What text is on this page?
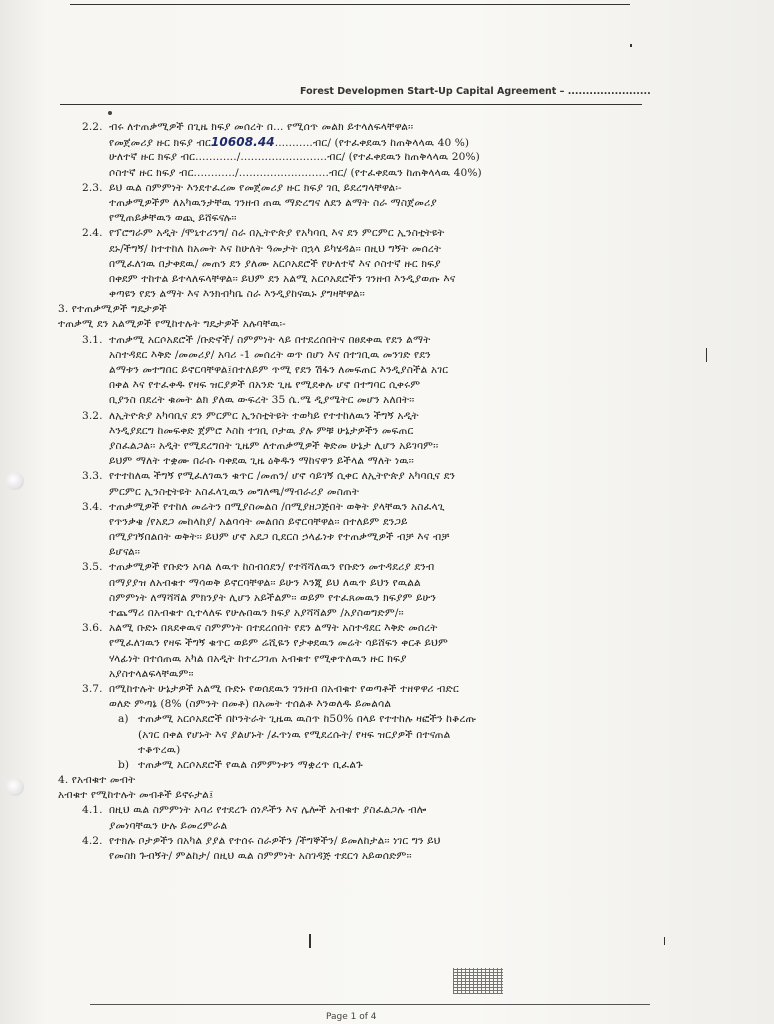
Forest Developmen Start-Up Capital Agreement – .......................
2.2. ብሩ ለተጠቃሚዎች በጊዜ ክፍያ መሰረት በ... የሚሰጥ መልክ ይተላለፍላቸዋል፡፡
የመጀመሪያ ዙር ክፍያ ብር10608.44...........ብር/ (የተፈቀደዉን ከጠቅላላዉ 40 %)
ሁለተኛ ዙር ክፍያ ብር............/.........................ብር/ (የተፈቀደዉን ከጠቅላላዉ 20%)
ሶስተኛ ዙር ክፍያ ብር............/..........................ብር/ (የተፈቀደዉን ከጠቅላላዉ 40%)
2.3. ይህ ዉል ስምምነት እንደተፈረመ የመጀመሪያ ዙር ክፍያ ገቢ ይደረግላቸዋል፡-
ተጠቃሚዎችም ለአካዉንታቸዉ ገንዘብ ጠዉ ማድረግና ለደን ልማት ስራ ማስጀመሪያ
የሚጠይቃቸዉን ወጪ ይሸፍናሉ፡፡
2.4. የፕሮግራም አዲት /ሞኒተሪንግ/ ስራ በኢትዮጵያ የአካባቢ እና ደን ምርምር ኢንስቲትዩት
ደኑ/ችግኝ/ ከተተከለ ከአመት እና ከሁለት ዓመታት በኋላ ይካሄዳል፡፡ በዚህ ግኝት መሰረት
በሚፈለገዉ በታቀደዉ/ መጠን ደን ያለሙ አርሶአደሮች የሁለተኛ እና ሶስተኛ ዙር ክፍያ
በቀደም ተከተል ይተላለፍላቸዋል፡፡ ይህም ደን አልሚ አርሶአደሮችን ገንዘብ እንዲያወጡ እና
ቀጣዩን የደን ልማት እና እንክብካቤ ስራ እንዲያከናዉኑ ያግዛቸዋል፡፡
3. የተጠቃሚዎች ግዴታዎች
ተጠቃሚ ደን አልሚዎች የሚከተሉት ግዴታዎች አሉባቸዉ፡-
3.1. ተጠቃሚ አርሶአደሮች /ቡድኖች/ ስምምነት ላይ በተደረሰበትና በፀደቀዉ የደን ልማት
አስተዳደር እቅድ /መመሪያ/ አባሪ -1 መሰረት ወጥ በሆነ እና በተገቢዉ መንገድ የደን
ልማቱን መተግበር ይኖርባቸዋል፤በተለይም ጥሚ የደን ሽፋን ለመፍጠር እንዲያስችል አገር
በቀል እና የተፈቀዱ የዛፍ ዝርያዎች በአንድ ጊዜ የሚደቀሉ ሆኖ በተግባር ሲቀሩም
ቢያንስ በደረት ቁመት ልክ ያለዉ ውፍረት 35 ሴ.ሜ ዲያሜትር መሆን አለበት፡፡
3.2. ለኢትዮጵያ አካባቢና ደን ምርምር ኢንስቲትዩት ተወካይ የተተከለዉን ችግኝ አዲት
እንዲያደርግ ከመፍቀድ ጀምሮ እስከ ተገቢ ቦታዉ ያሉ ምቹ ሁኔታዎችን መፍጠር
ያስፈልጋል፡፡ አዲት የሚደረግበት ጊዜም ለተጠቃሚዎች ቅድመ ሁኔታ ሊሆን አይገባም፡፡
ይህም ማለት ተቋሙ በራሱ ባቀደዉ ጊዜ ዕቅዱን ማከናዋን ይችላል ማለት ነዉ፡፡
3.3. የተተከለዉ ችግኝ የሚፈለገዉን ቁጥር /መጠን/ ሆኖ ሳይገኝ ሲቀር ለኢትዮጵያ አካባቢና ደን
ምርምር ኢንስቲትዩት አስፈላጊዉን መግለጫ/ማብራሪያ መስጠት
3.4. ተጠቃሚዎች የተከለ መሬትን በሚያስመልስ /በሚያዘጋጅበት ወቅት ያላቸዉን አስፈላጊ
የጥንቃቄ /የአደጋ መከላከያ/ አልባሳት መልበስ ይኖርባቸዋል፡፡ በተለይም ደንጋይ
በሚያገኝበልበት ወቅት፡፡ ይህም ሆኖ አደጋ ቢደርስ ኃላፊነቱ የተጠቃሚዎች ብቻ እና ብቻ
ይሆናል፡፡
3.5. ተጠቃሚዎች የቡድን አባል ለዉጥ ከስብሰደን/ የተሻሻለዉን የቡድን መተዳደሪያ ደንብ
በማያያዝ ለአብቁተ ማሳወቅ ይኖርባቸዋል፡፡ ይሁን እንጂ ይህ ለዉጥ ይህን የዉልል
ስምምነት ለማሻሻል ምክንያት ሊሆን አይችልም፡፡ ወይም የተፈጸመዉን ክፍያም ይሁን
ተጨማሪ በአብቁተ ሲተላለፍ የሁሉበዉን ክፍያ አያሻሻልም /አያስወግድም/፡፡
3.6. አልሚ ቡድኑ በጸደቀዉና ስምምነት በተደረሰበት የደን ልማት አስተዳደር እቅድ መሰረት
የሚፈለገዉን የዛፍ ችግኝ ቁጥር ወይም ሬሺዬን የታቀደዉን መሬት ሳይሸፍን ቀርቶ ይህም
ሃላፊነት በተሰጠዉ አካል በአዲት ከተረጋገጠ አብቁተ የሚቀጥለዉን ዙር ክፍያ
አያስተላልፍላቸዉም፡፡
3.7. በሚከተሉት ሁኔታዎች አልሚ ቡድኑ የወሰደዉን ገንዘብ በአብቁተ የወጣቶች ተዘዋዋሪ ብድር
ወለድ ምጣኔ (8% (ስምንት በመቶ) በአመት ተሰልቶ እንወለዱ ይመልሳል
a) ተጠቃሚ አርሶአደሮች በኮንትራት ጊዜዉ ዉስጥ ከ50% በላይ የተተከሉ ዛፎችን ከቆረጡ
(አገር በቀል የሆኑት እና ያልሆኑት /ፈጥነዉ የሚደረሱት/ የዛፍ ዝርያዎች በተናጠል
ተቆጥረዉ)
b) ተጠቃሚ አርሶአደሮች የዉል ስምምነቱን ማቋረጥ ቢፈልጉ
4. የአብቁተ መብት
አብቁተ የሚከተሉት መብቶች ይኖሩታል፤
4.1. በዚህ ዉል ስምምነት አባሪ የተደረጉ ሰነዶችን እና ሌሎች አብቁተ ያስፈልጋሉ ብሎ
ያመነባቸዉን ሁሉ ይመረምራል
4.2. የተክሉ ቦታዎችን በአካል ያያል የተሰሩ ስራዎችን /ችግኞችን/ ይመለከታል፡፡ ነገር ግን ይህ
የመስክ ጉብኝት/ ምልከታ/ በዚህ ዉል ስምምነት አስገዳጅ ተደርጎ አይወሰድም፡፡
Page 1 of 4
